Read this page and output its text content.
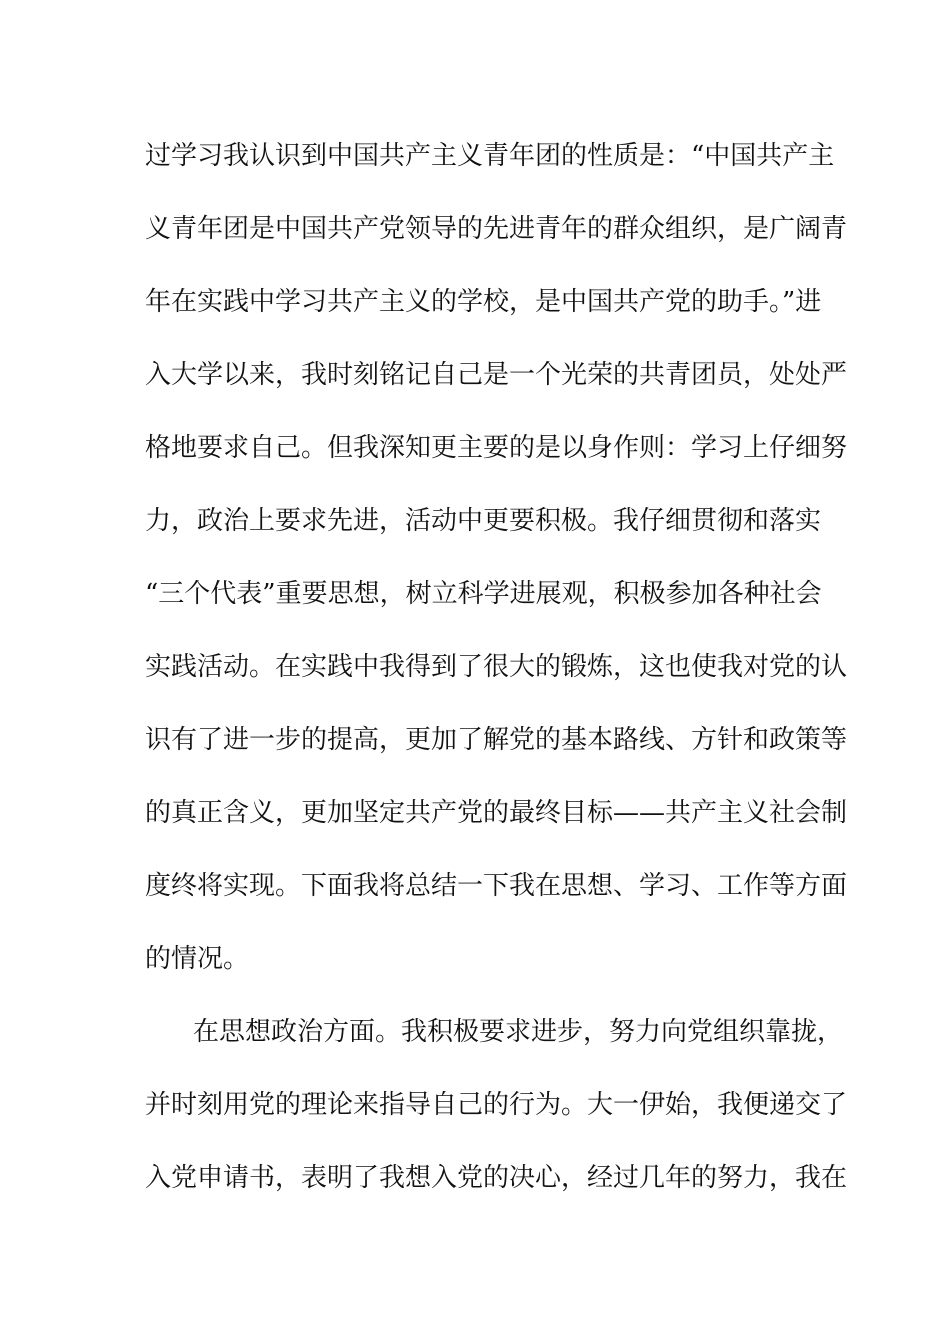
过学习我认识到中国共产主义青年团的性质是：“中国共产主
义青年团是中国共产党领导的先进青年的群众组织，是广阔青
年在实践中学习共产主义的学校，是中国共产党的助手。”进
入大学以来，我时刻铭记自己是一个光荣的共青团员，处处严
格地要求自己。但我深知更主要的是以身作则：学习上仔细努
力，政治上要求先进，活动中更要积极。我仔细贯彻和落实
“三个代表”重要思想，树立科学进展观，积极参加各种社会
实践活动。在实践中我得到了很大的锻炼，这也使我对党的认
识有了进一步的提高，更加了解党的基本路线、方针和政策等
的真正含义，更加坚定共产党的最终目标——共产主义社会制
度终将实现。下面我将总结一下我在思想、学习、工作等方面
的情况。
在思想政治方面。我积极要求进步，努力向党组织靠拢，
并时刻用党的理论来指导自己的行为。大一伊始，我便递交了
入党申请书，表明了我想入党的决心，经过几年的努力，我在
